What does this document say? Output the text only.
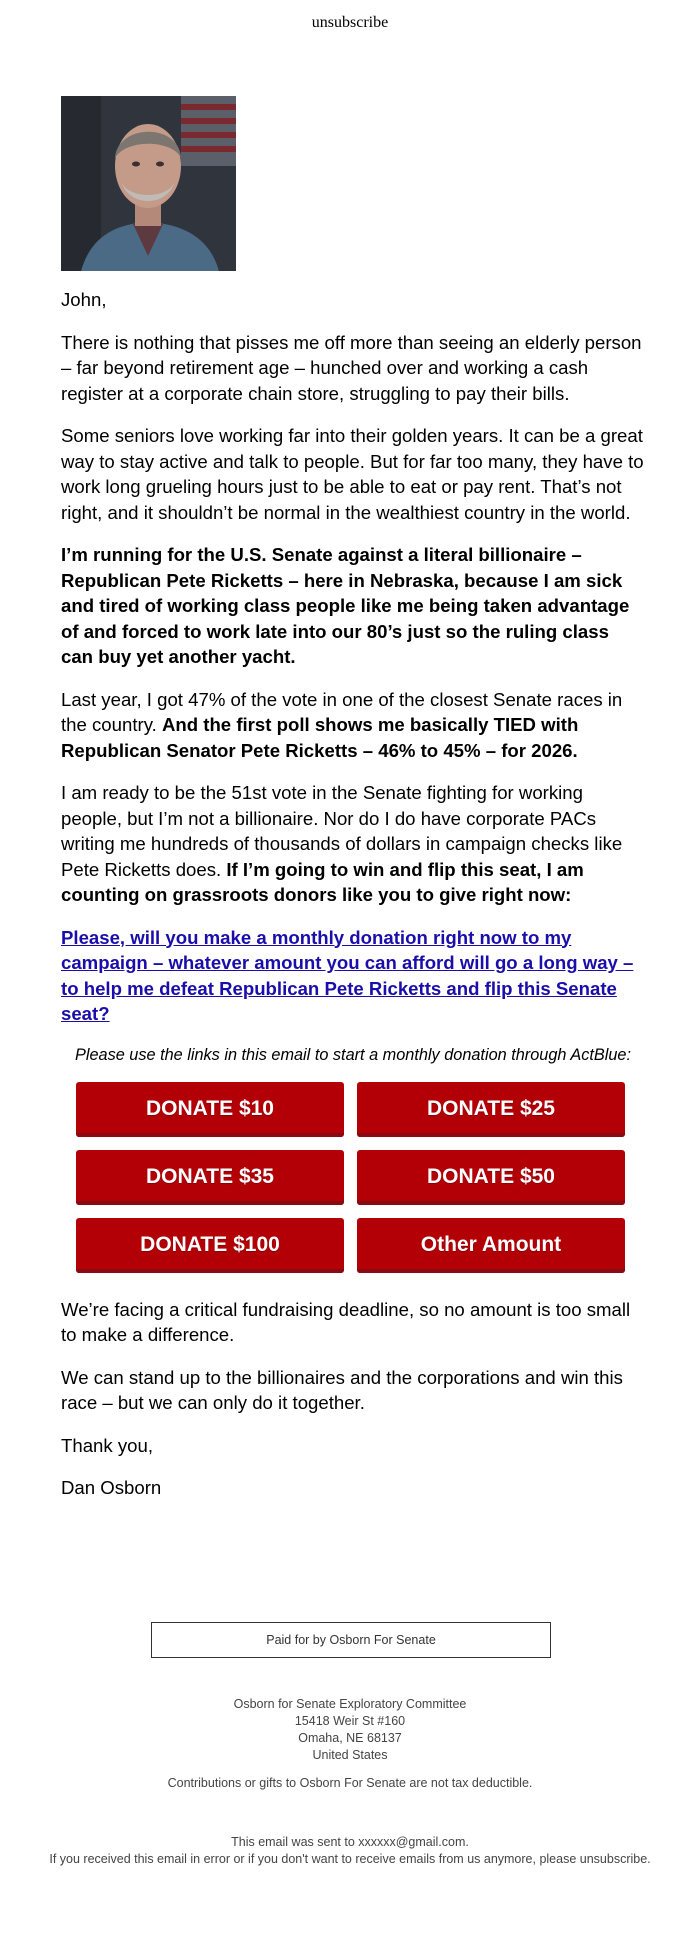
unsubscribe

John,

There is nothing that pisses me off more than seeing an elderly person – far beyond retirement age – hunched over and working a cash register at a corporate chain store, struggling to pay their bills.

Some seniors love working far into their golden years. It can be a great way to stay active and talk to people. But for far too many, they have to work long grueling hours just to be able to eat or pay rent. That’s not right, and it shouldn’t be normal in the wealthiest country in the world.

I’m running for the U.S. Senate against a literal billionaire – Republican Pete Ricketts – here in Nebraska, because I am sick and tired of working class people like me being taken advantage of and forced to work late into our 80’s just so the ruling class can buy yet another yacht.

Last year, I got 47% of the vote in one of the closest Senate races in the country. And the first poll shows me basically TIED with Republican Senator Pete Ricketts – 46% to 45% – for 2026.

I am ready to be the 51st vote in the Senate fighting for working people, but I’m not a billionaire. Nor do I do have corporate PACs writing me hundreds of thousands of dollars in campaign checks like Pete Ricketts does. If I’m going to win and flip this seat, I am counting on grassroots donors like you to give right now:

Please, will you make a monthly donation right now to my campaign – whatever amount you can afford will go a long way – to help me defeat Republican Pete Ricketts and flip this Senate seat?
Please use the links in this email to start a monthly donation through ActBlue:
DONATE $10	DONATE $25
DONATE $35	DONATE $50
DONATE $100	Other Amount

We’re facing a critical fundraising deadline, so no amount is too small to make a difference.

We can stand up to the billionaires and the corporations and win this race – but we can only do it together.

Thank you,

Dan Osborn

Paid for by Osborn For Senate
Osborn for Senate Exploratory Committee
15418 Weir St #160
Omaha, NE 68137
United States
Contributions or gifts to Osborn For Senate are not tax deductible.
This email was sent to xxxxxx@gmail.com.
If you received this email in error or if you don't want to receive emails from us anymore, please unsubscribe.
